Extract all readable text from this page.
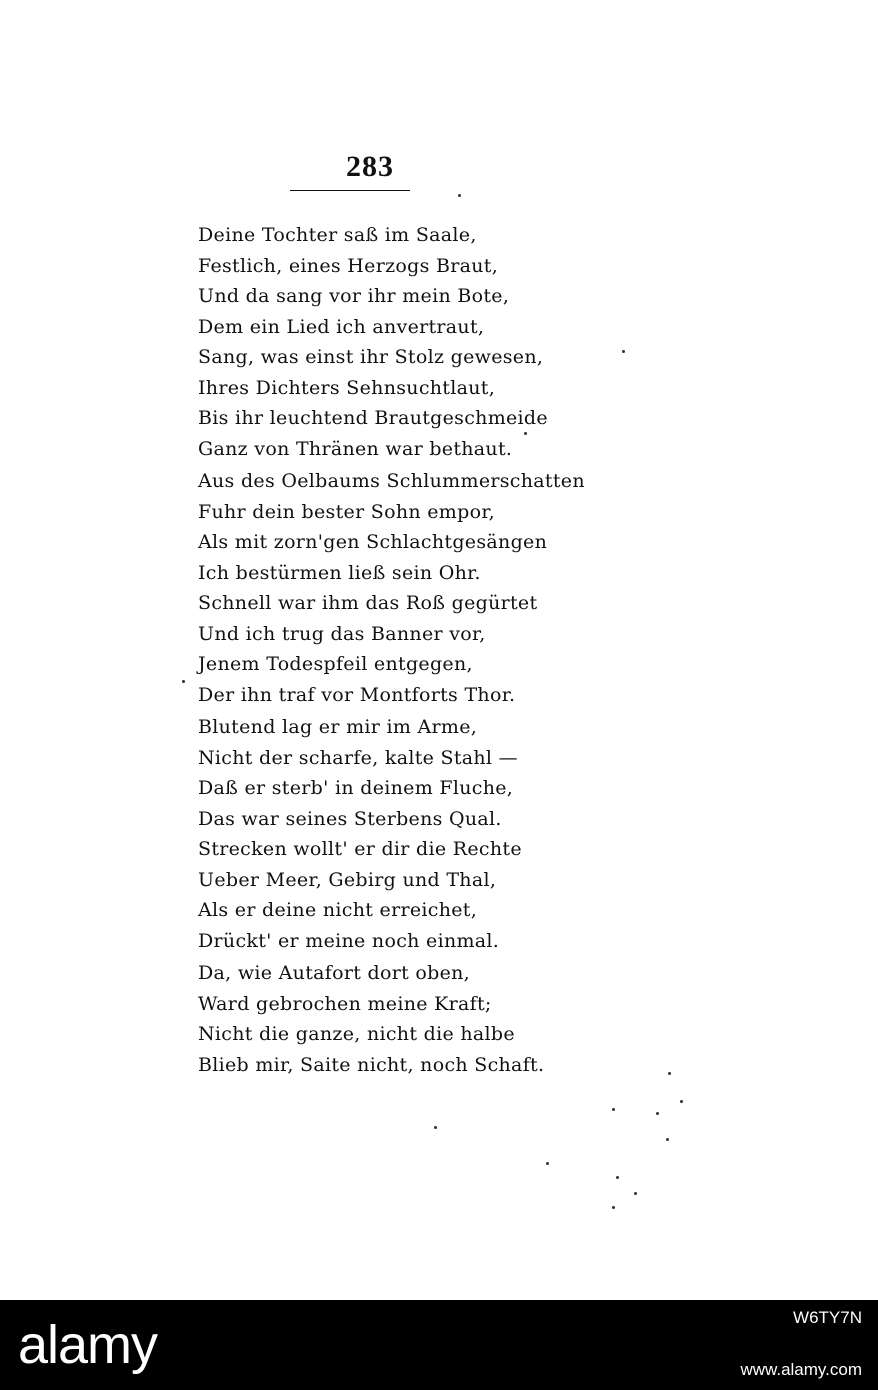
283
Deine Tochter saß im Saale,
Festlich, eines Herzogs Braut,
Und da sang vor ihr mein Bote,
Dem ein Lied ich anvertraut,
Sang, was einst ihr Stolz gewesen,
Ihres Dichters Sehnsuchtlaut,
Bis ihr leuchtend Brautgeschmeide
Ganz von Thränen war bethaut.
Aus des Oelbaums Schlummerschatten
Fuhr dein bester Sohn empor,
Als mit zorn'gen Schlachtgesängen
Ich bestürmen ließ sein Ohr.
Schnell war ihm das Roß gegürtet
Und ich trug das Banner vor,
Jenem Todespfeil entgegen,
Der ihn traf vor Montforts Thor.
Blutend lag er mir im Arme,
Nicht der scharfe, kalte Stahl —
Daß er sterb' in deinem Fluche,
Das war seines Sterbens Qual.
Strecken wollt' er dir die Rechte
Ueber Meer, Gebirg und Thal,
Als er deine nicht erreichet,
Drückt' er meine noch einmal.
Da, wie Autafort dort oben,
Ward gebrochen meine Kraft;
Nicht die ganze, nicht die halbe
Blieb mir, Saite nicht, noch Schaft.
alamy	W6TY7N
www.alamy.com
